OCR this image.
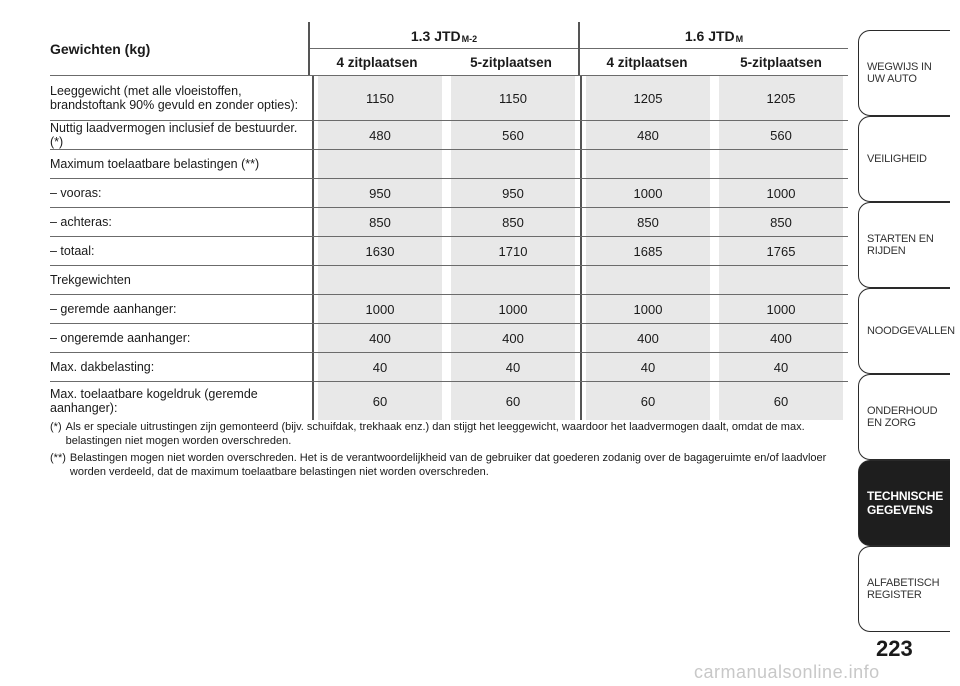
Gewichten (kg)
1.3 $JTD_{M-2}$
4 zitplaatsen	5-zitplaatsen
1.6 $JTD_M$
4 zitplaatsen	5-zitplaatsen
Leeggewicht (met alle vloeistoffen, brandstoftank 90% gevuld en zonder opties):	1150	1150	1205	1205
Nuttig laadvermogen inclusief de bestuurder.(*)	480	560	480	560
Maximum toelaatbare belastingen (**)
– vooras:	950	950	1000	1000
– achteras:	850	850	850	850
– totaal:	1630	1710	1685	1765
Trekgewichten
– geremde aanhanger:	1000	1000	1000	1000
– ongeremde aanhanger:	400	400	400	400
Max. dakbelasting:	40	40	40	40
Max. toelaatbare kogeldruk (geremde aanhanger):	60	60	60	60
(*) Als er speciale uitrustingen zijn gemonteerd (bijv. schuifdak, trekhaak enz.) dan stijgt het leeggewicht, waardoor het laadvermogen daalt, omdat de max. belastingen niet mogen worden overschreden.
(**) Belastingen mogen niet worden overschreden. Het is de verantwoordelijkheid van de gebruiker dat goederen zodanig over de bagageruimte en/of laadvloer worden verdeeld, dat de maximum toelaatbare belastingen niet worden overschreden.
WEGWIJS IN UW AUTO
VEILIGHEID
STARTEN EN RIJDEN
NOODGEVALLEN
ONDERHOUD EN ZORG
TECHNISCHE GEGEVENS
ALFABETISCH REGISTER
223
carmanualsonline.info
